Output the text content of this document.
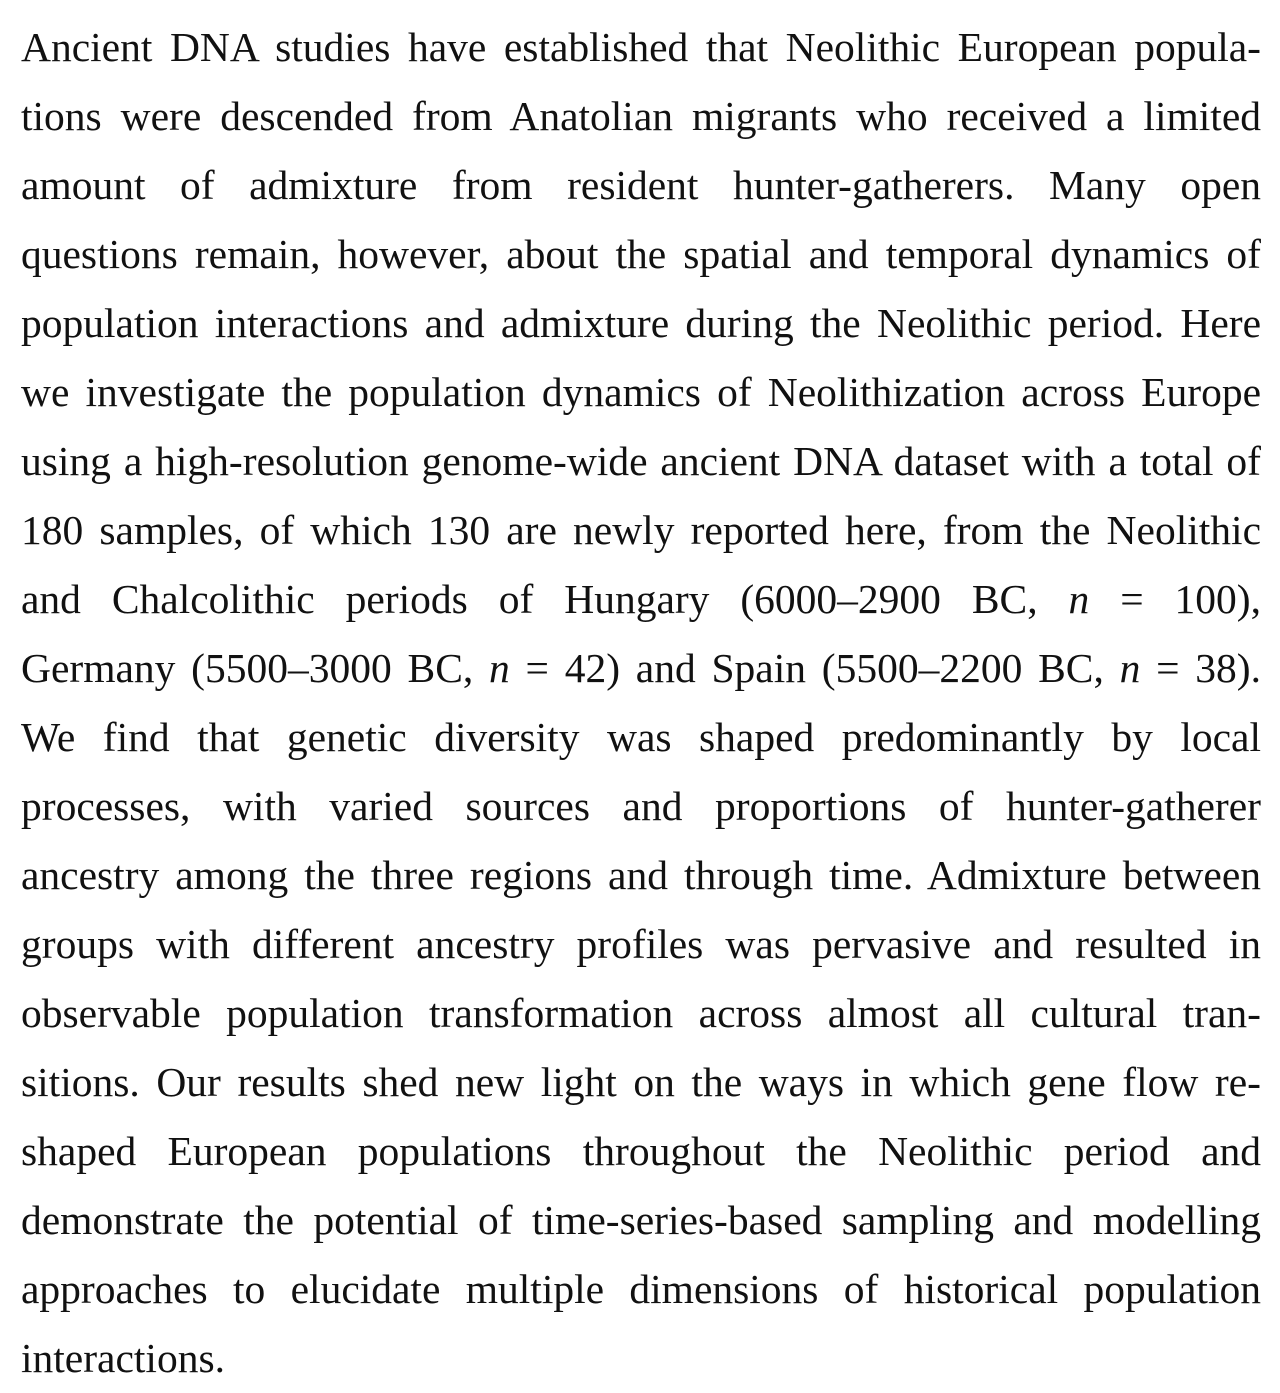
Ancient DNA studies have established that Neolithic European popula-
tions were descended from Anatolian migrants who received a limited
amount of admixture from resident hunter-gatherers. Many open
questions remain, however, about the spatial and temporal dynamics of
population interactions and admixture during the Neolithic period. Here
we investigate the population dynamics of Neolithization across Europe
using a high-resolution genome-wide ancient DNA dataset with a total of
180 samples, of which 130 are newly reported here, from the Neolithic
and Chalcolithic periods of Hungary (6000–2900 BC, n = 100),
Germany (5500–3000 BC, n = 42) and Spain (5500–2200 BC, n = 38).
We find that genetic diversity was shaped predominantly by local
processes, with varied sources and proportions of hunter-gatherer
ancestry among the three regions and through time. Admixture between
groups with different ancestry profiles was pervasive and resulted in
observable population transformation across almost all cultural tran-
sitions. Our results shed new light on the ways in which gene flow re-
shaped European populations throughout the Neolithic period and
demonstrate the potential of time-series-based sampling and modelling
approaches to elucidate multiple dimensions of historical population
interactions.
